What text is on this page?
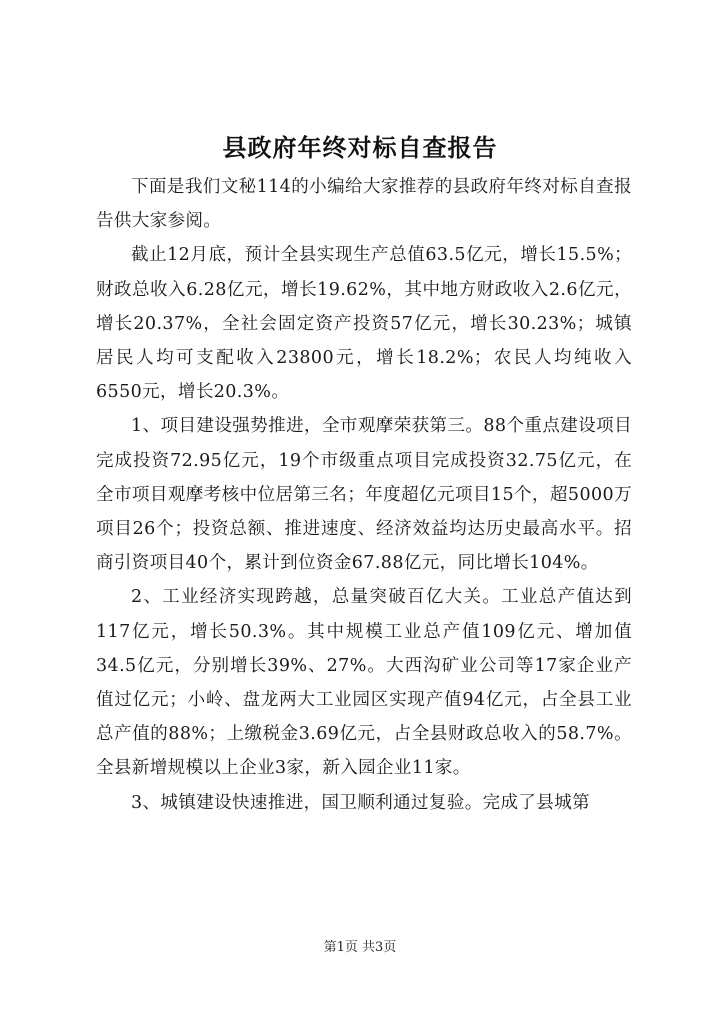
县政府年终对标自查报告

下面是我们文秘114的小编给大家推荐的县政府年终对标自查报告供大家参阅。

截止12月底，预计全县实现生产总值63.5亿元，增长15.5%；财政总收入6.28亿元，增长19.62%，其中地方财政收入2.6亿元，增长20.37%，全社会固定资产投资57亿元，增长30.23%；城镇居民人均可支配收入23800元，增长18.2%；农民人均纯收入6550元，增长20.3%。

1、项目建设强势推进，全市观摩荣获第三。88个重点建设项目完成投资72.95亿元，19个市级重点项目完成投资32.75亿元，在全市项目观摩考核中位居第三名；年度超亿元项目15个，超5000万项目26个；投资总额、推进速度、经济效益均达历史最高水平。招商引资项目40个，累计到位资金67.88亿元，同比增长104%。

2、工业经济实现跨越，总量突破百亿大关。工业总产值达到117亿元，增长50.3%。其中规模工业总产值109亿元、增加值34.5亿元，分别增长39%、27%。大西沟矿业公司等17家企业产值过亿元；小岭、盘龙两大工业园区实现产值94亿元，占全县工业总产值的88%；上缴税金3.69亿元，占全县财政总收入的58.7%。全县新增规模以上企业3家，新入园企业11家。

3、城镇建设快速推进，国卫顺利通过复验。完成了县城第

第1页 共3页
